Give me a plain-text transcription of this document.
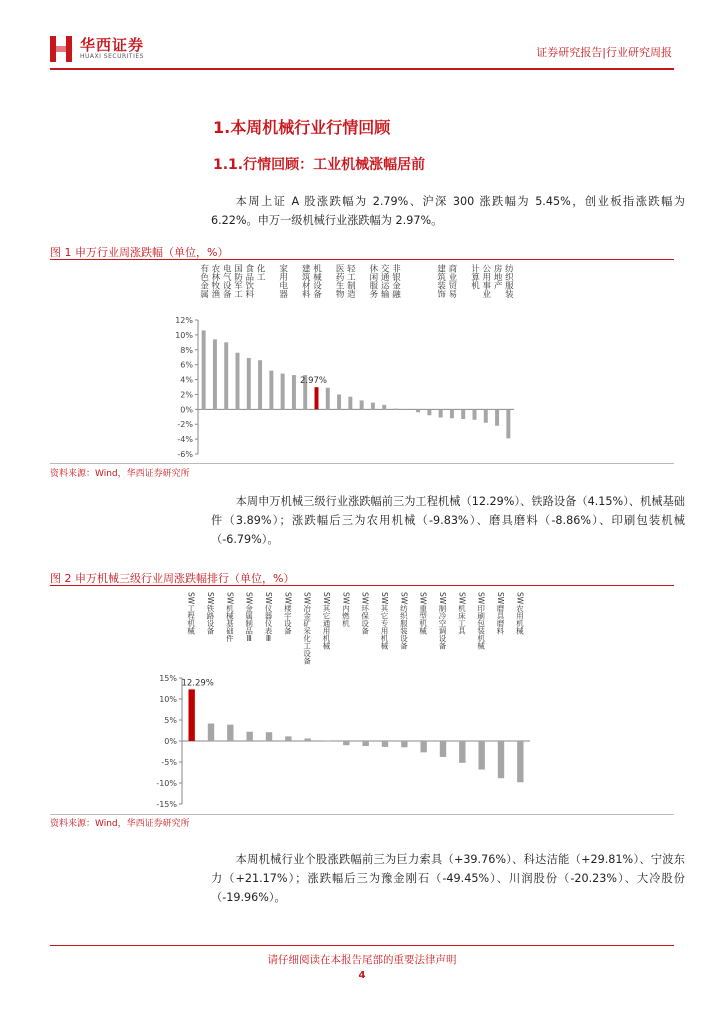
华西证券
HUAXI SECURITIES	证券研究报告|行业研究周报
1.本周机械行业行情回顾
1.1.行情回顾：工业机械涨幅居前
本周上证 A 股涨跌幅为 2.79%、沪深 300 涨跌幅为 5.45%，创业板指涨跌幅为 6.22%。申万一级机械行业涨跌幅为 2.97%。
图 1 申万行业周涨跌幅（单位，%）
有色金属 农林牧渔 电气设备 国防军工 食品饮料 化工 家用电器 建筑材料 机械设备 医药生物 轻工制造 休闲服务 交通运输 非银金融	建筑装饰 商业贸易 计算机 公用事业 房地产 纺织服装
12%
10%
8%
6%
4%
2%
0%
-2%
-4%
-6%
2.97%
资料来源：Wind，华西证券研究所
本周申万机械三级行业涨跌幅前三为工程机械（12.29%）、铁路设备（4.15%）、机械基础件（3.89%）；涨跌幅后三为农用机械（-9.83%）、磨具磨料（-8.86%）、印刷包装机械（-6.79%）。
图 2 申万机械三级行业周涨跌幅排行（单位，%）
SW工程机械 SW铁路设备 SW机械基础件 SW金属制品Ⅲ SW仪器仪表Ⅲ SW楼宇设备 SW冶金矿采化工设备 SW其它通用机械 SW内燃机 SW环保设备 SW其它专用机械 SW纺织服装设备 SW重型机械 SW制冷空调设备 SW机床工具 SW印刷包装机械 SW磨具磨料 SW农用机械
15%
10%
5%
0%
-5%
-10%
-15%
12.29%
资料来源：Wind，华西证券研究所
本周机械行业个股涨跌幅前三为巨力索具（+39.76%）、科达洁能（+29.81%）、宁波东力（+21.17%）；涨跌幅后三为豫金刚石（-49.45%）、川润股份（-20.23%）、大冷股份（-19.96%）。
请仔细阅读在本报告尾部的重要法律声明
4
